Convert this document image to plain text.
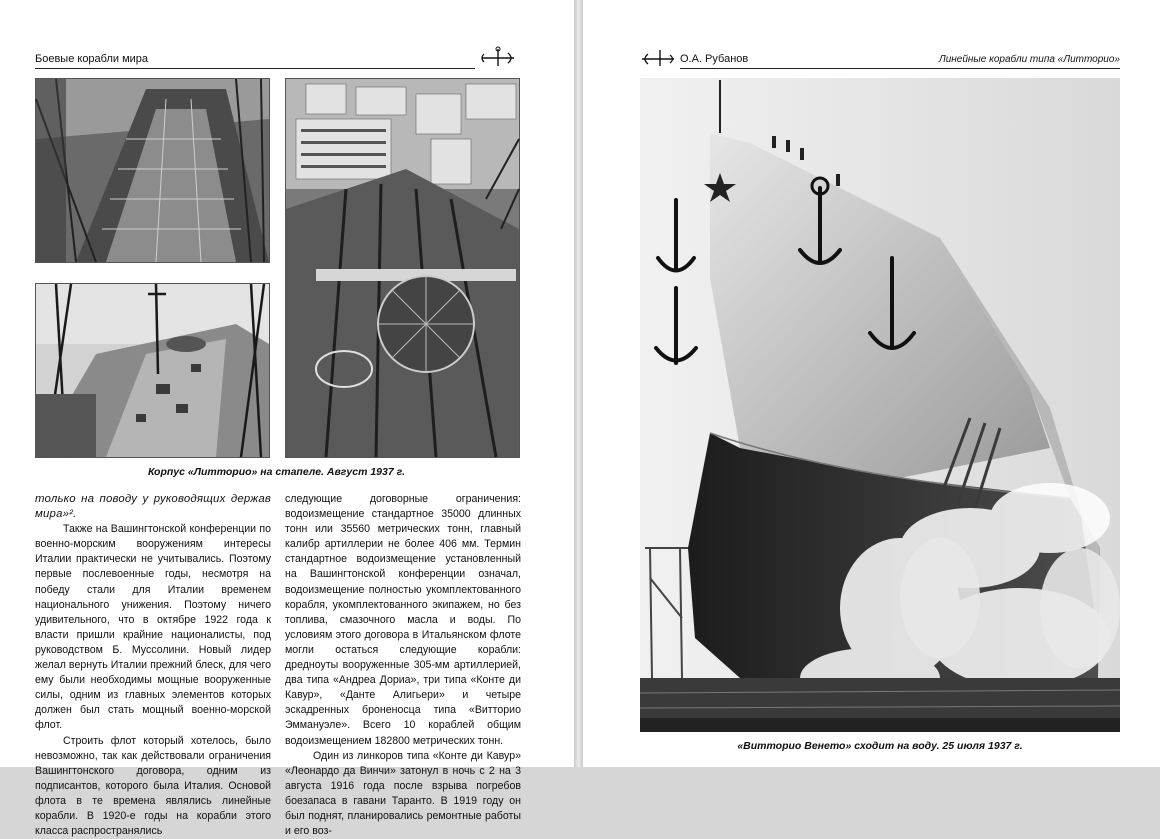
Боевые корабли мира
Корпус «Литторио» на стапеле. Август 1937 г.

только на поводу у руководящих держав мира»².

Также на Вашингтонской конференции по военно-морским вооружениям интересы Италии практически не учитывались. Поэтому первые послевоенные годы, несмотря на победу стали для Италии временем национального унижения. Поэтому ничего удивительного, что в октябре 1922 года к власти пришли крайние националисты, под руководством Б. Муссолини. Новый лидер желал вернуть Италии прежний блеск, для чего ему были необходимы мощные вооруженные силы, одним из главных элементов которых должен был стать мощный военно-морской флот.

Строить флот который хотелось, было невозможно, так как действовали ограничения Вашингтонского договора, одним из подписантов, которого была Италия. Основой флота в те времена являлись линейные корабли. В 1920-е годы на корабли этого класса распространялись

следующие договорные ограничения: водоизмещение стандартное 35000 длинных тонн или 35560 метрических тонн, главный калибр артиллерии не более 406 мм. Термин стандартное водоизмещение установленный на Вашингтонской конференции означал, водоизмещение полностью укомплектованного корабля, укомплектованного экипажем, но без топлива, смазочного масла и воды. По условиям этого договора в Итальянском флоте могли остаться следующие корабли: дредноуты вооруженные 305-мм артиллерией, два типа «Андреа Дориа», три типа «Конте ди Кавур», «Данте Алигьери» и четыре эскадренных броненосца типа «Витторио Эммануэле». Всего 10 кораблей общим водоизмещением 182800 метрических тонн.

Один из линкоров типа «Конте ди Кавур» «Леонардо да Винчи» затонул в ночь с 2 на 3 августа 1916 года после взрыва погребов боезапаса в гавани Таранто. В 1919 году он был поднят, планировались ремонтные работы и его воз-

О.А. Рубанов	Линейные корабли типа «Литторио»
«Витторио Венето» сходит на воду. 25 июля 1937 г.
